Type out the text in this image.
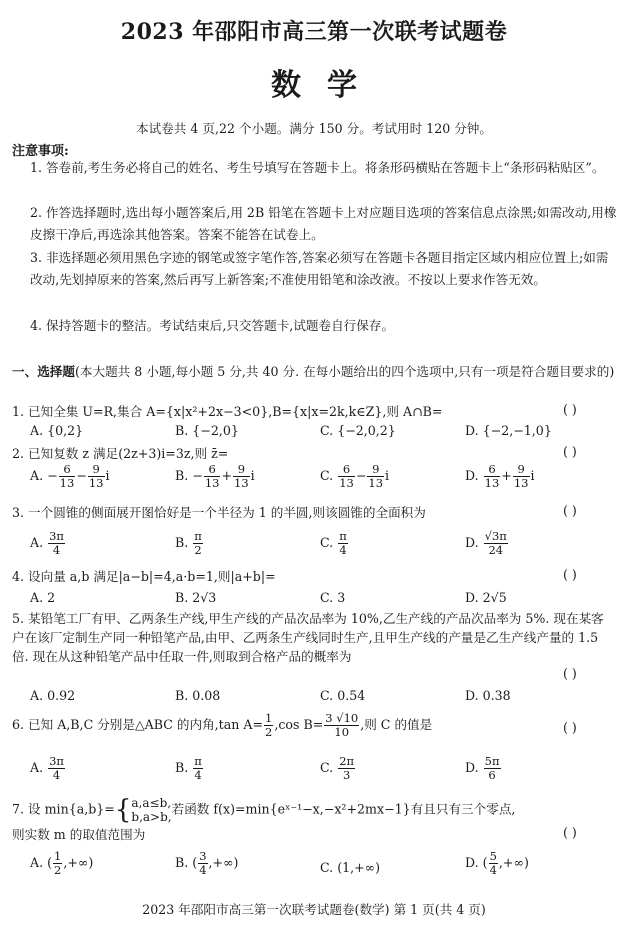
2023 年邵阳市高三第一次联考试题卷
数学
本试卷共 4 页,22 个小题。满分 150 分。考试用时 120 分钟。
注意事项:
1. 答卷前,考生务必将自己的姓名、考生号填写在答题卡上。将条形码横贴在答题卡上“条形码粘贴区”。
2. 作答选择题时,选出每小题答案后,用 2B 铅笔在答题卡上对应题目选项的答案信息点涂黑;如需改动,用橡皮擦干净后,再选涂其他答案。答案不能答在试卷上。
3. 非选择题必须用黑色字迹的钢笔或签字笔作答,答案必须写在答题卡各题目指定区域内相应位置上;如需改动,先划掉原来的答案,然后再写上新答案;不准使用铅笔和涂改液。不按以上要求作答无效。
4. 保持答题卡的整洁。考试结束后,只交答题卡,试题卷自行保存。
一、选择题(本大题共 8 小题,每小题 5 分,共 40 分. 在每小题给出的四个选项中,只有一项是符合题目要求的)
1. 已知全集 U=R,集合 A={x|x²+2x−3<0},B={x|x=2k,k∈Z},则 A∩B=	( )
A. {0,2}	B. {−2,0}	C. {−2,0,2}	D. {−2,−1,0}
2. 已知复数 z 满足(2z+3)i=3z,则 z̄=	( )
A. − $\frac{6}{13} - \frac{9}{13}$ i	B. − $\frac{6}{13} + \frac{9}{13}$ i	C. $\frac{6}{13} - \frac{9}{13}$ i	D. $\frac{6}{13} + \frac{9}{13}$ i
3. 一个圆锥的侧面展开图恰好是一个半径为 1 的半圆,则该圆锥的全面积为	( )
A. $\frac{3\pi}{4}$	B. $\frac{\pi}{2}$	C. $\frac{\pi}{4}$	D. $\frac{√3\pi}{24}$
4. 设向量 a,b 满足|a−b|=4,a·b=1,则|a+b|=	( )
A. 2	B. 2√3	C. 3	D. 2√5
5. 某铅笔工厂有甲、乙两条生产线,甲生产线的产品次品率为 10%,乙生产线的产品次品率为 5%. 现在某客户在该厂定制生产同一种铅笔产品,由甲、乙两条生产线同时生产,且甲生产线的产量是乙生产线产量的 1.5 倍. 现在从这种铅笔产品中任取一件,则取到合格产品的概率为
( )
A. 0.92	B. 0.08	C. 0.54	D. 0.38
6. 已知 A,B,C 分别是△ABC 的内角,tan $A= \frac{1}{2} ,\cos$ $B= \frac{3 √10}{10}$ ,则 C 的值是	( )
A. $\frac{3\pi}{4}$	B. $\frac{\pi}{4}$	C. $\frac{2\pi}{3}$	D. $\frac{5\pi}{6}$
7. 设 min{a,b}={ a,a≤b,
b,a>b,
若函数 f(x)=min{eˣ⁻¹−x,−x²+2mx−1}有且只有三个零点,
则实数 m 的取值范围为	( )
A. ( $\frac{1}{2}$ ,+∞)	B. ( $\frac{3}{4}$ ,+∞)	C. (1,+∞)	D. ( $\frac{5}{4}$ ,+∞)
2023 年邵阳市高三第一次联考试题卷(数学) 第 1 页(共 4 页)
